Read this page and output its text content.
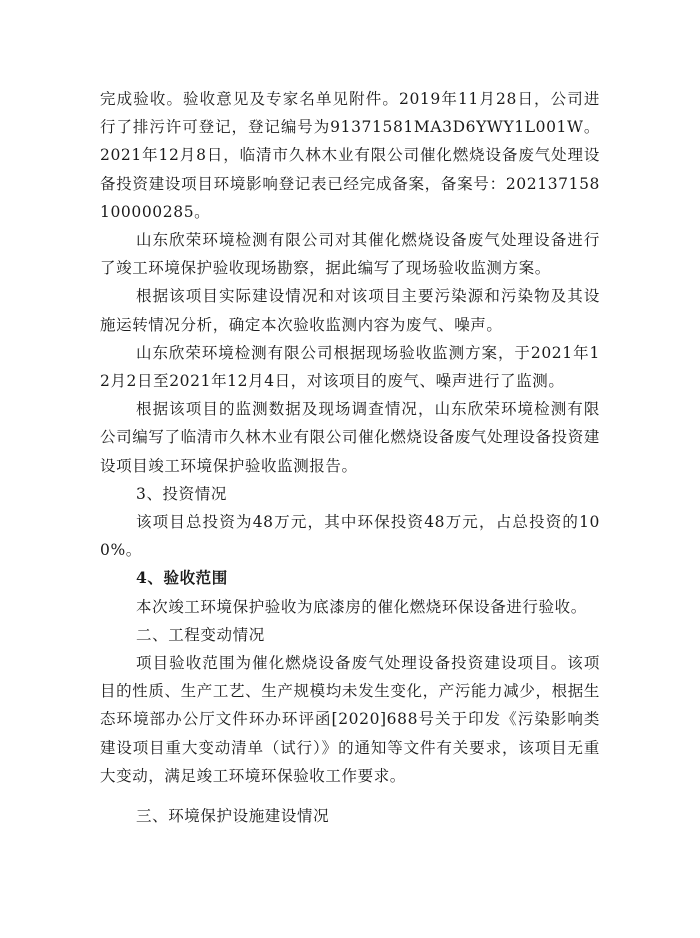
完成验收。验收意见及专家名单见附件。2019年11月28日，公司进行了排污许可登记，登记编号为91371581MA3D6YWY1L001W。2021年12月8日，临清市久林木业有限公司催化燃烧设备废气处理设备投资建设项目环境影响登记表已经完成备案，备案号：202137158100000285。

山东欣荣环境检测有限公司对其催化燃烧设备废气处理设备进行了竣工环境保护验收现场勘察，据此编写了现场验收监测方案。

根据该项目实际建设情况和对该项目主要污染源和污染物及其设施运转情况分析，确定本次验收监测内容为废气、噪声。

山东欣荣环境检测有限公司根据现场验收监测方案，于2021年12月2日至2021年12月4日，对该项目的废气、噪声进行了监测。

根据该项目的监测数据及现场调查情况，山东欣荣环境检测有限公司编写了临清市久林木业有限公司催化燃烧设备废气处理设备投资建设项目竣工环境保护验收监测报告。

3、投资情况

该项目总投资为48万元，其中环保投资48万元，占总投资的100%。

4、验收范围

本次竣工环境保护验收为底漆房的催化燃烧环保设备进行验收。

二、工程变动情况

项目验收范围为催化燃烧设备废气处理设备投资建设项目。该项目的性质、生产工艺、生产规模均未发生变化，产污能力减少，根据生态环境部办公厅文件环办环评函[2020]688号关于印发《污染影响类建设项目重大变动清单（试行）》的通知等文件有关要求，该项目无重大变动，满足竣工环境环保验收工作要求。

三、环境保护设施建设情况
